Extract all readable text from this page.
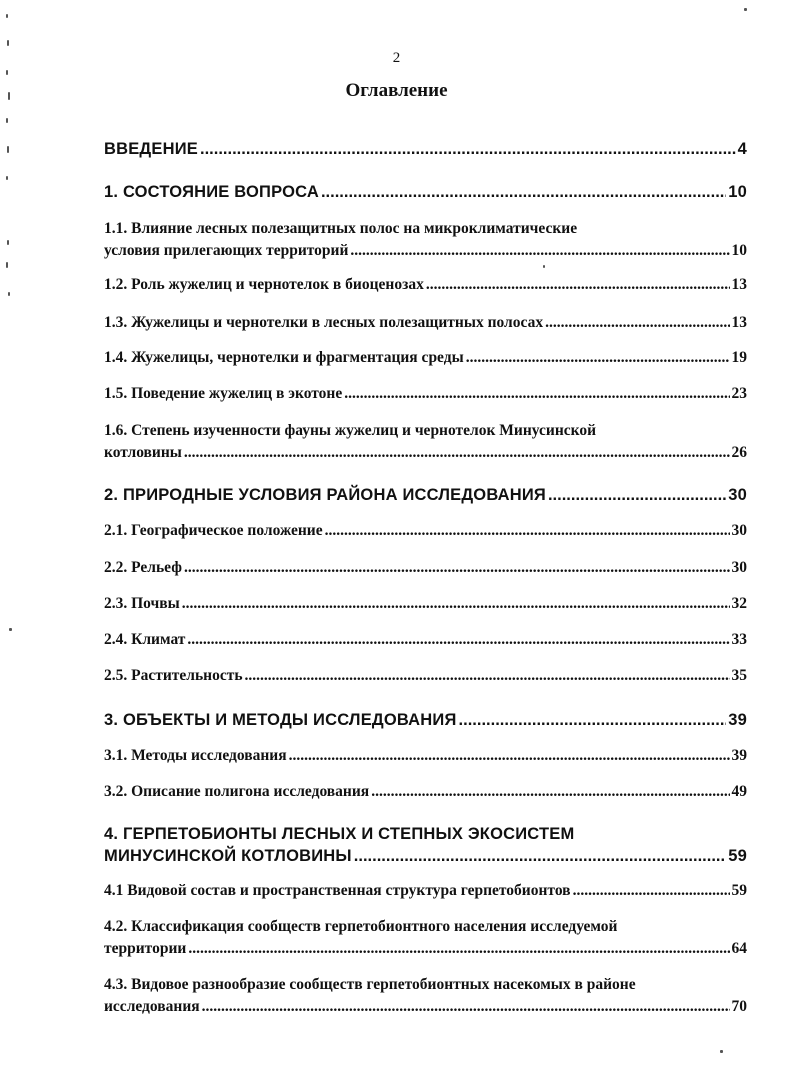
2
Оглавление
ВВЕДЕНИЕ .....	4
1. СОСТОЯНИЕ ВОПРОСА .....	10
1.1. Влияние лесных полезащитных полос на микроклиматические
условия прилегающих территорий .....	10
1.2. Роль жужелиц и чернотелок в биоценозах .....	13
1.3. Жужелицы и чернотелки в лесных полезащитных полосах .....	13
1.4. Жужелицы, чернотелки и фрагментация среды .....	19
1.5. Поведение жужелиц в экотоне .....	23
1.6. Степень изученности фауны жужелиц и чернотелок Минусинской
котловины .....	26
2. ПРИРОДНЫЕ УСЛОВИЯ РАЙОНА ИССЛЕДОВАНИЯ .....	30
2.1. Географическое положение .....	30
2.2. Рельеф .....	30
2.3. Почвы .....	32
2.4. Климат .....	33
2.5. Растительность .....	35
3. ОБЪЕКТЫ И МЕТОДЫ ИССЛЕДОВАНИЯ .....	39
3.1. Методы исследования .....	39
3.2. Описание полигона исследования .....	49
4. ГЕРПЕТОБИОНТЫ ЛЕСНЫХ И СТЕПНЫХ ЭКОСИСТЕМ
МИНУСИНСКОЙ КОТЛОВИНЫ .....	59
4.1 Видовой состав и пространственная структура герпетобионтов .....	59
4.2. Классификация сообществ герпетобионтного населения исследуемой
территории .....	64
4.3. Видовое разнообразие сообществ герпетобионтных насекомых в районе
исследования .....	70
